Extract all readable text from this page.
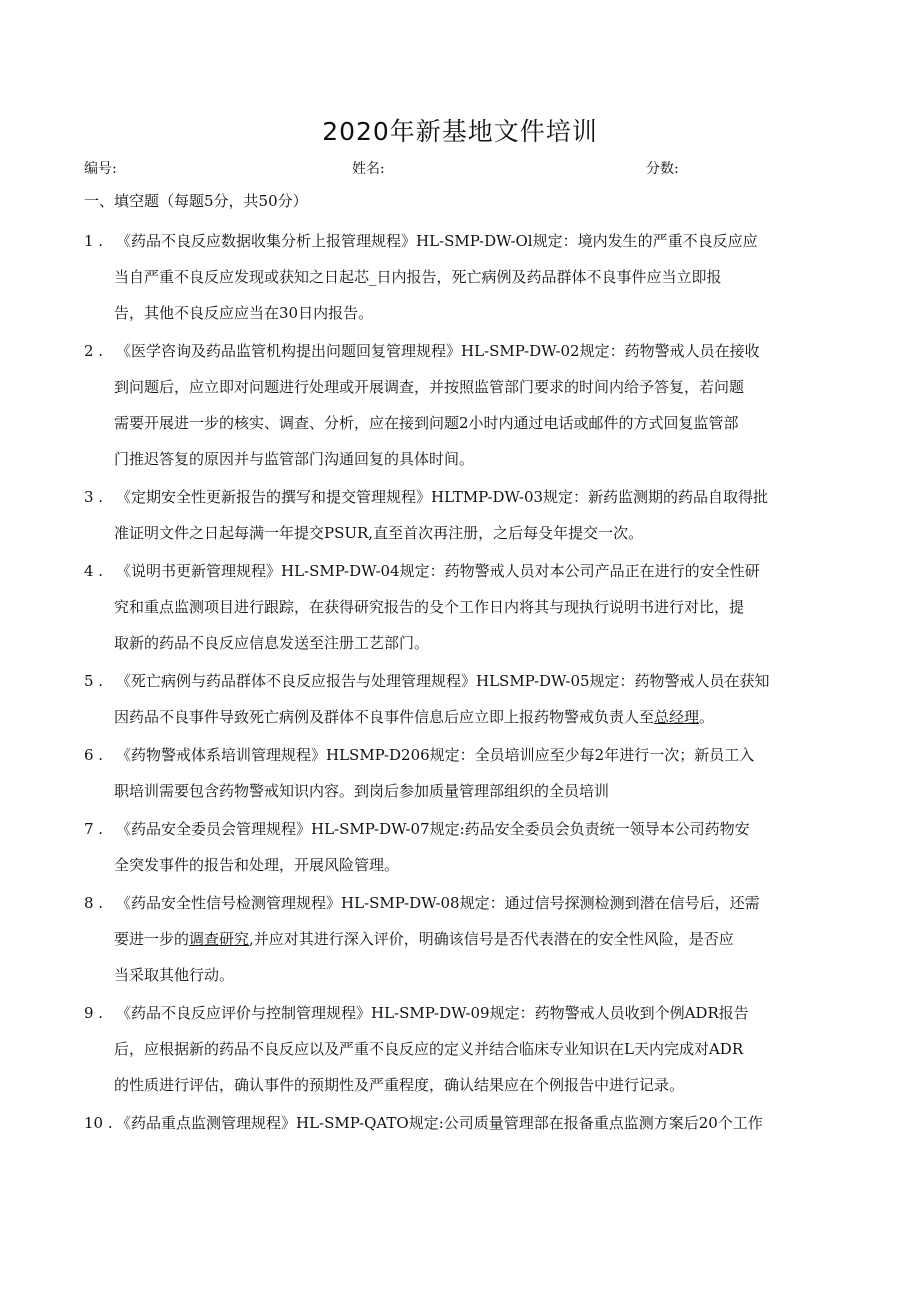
2020年新基地文件培训
编号:	姓名:	分数:
一、填空题（每题5分，共50分）
1 . 《药品不良反应数据收集分析上报管理规程》HL-SMP-DW-Ol规定：境内发生的严重不良反应应
当自严重不良反应发现或获知之日起芯_日内报告，死亡病例及药品群体不良事件应当立即报
告，其他不良反应应当在30日内报告。
2 . 《医学咨询及药品监管机构提出问题回复管理规程》HL-SMP-DW-02规定：药物警戒人员在接收
到问题后，应立即对问题进行处理或开展调查，并按照监管部门要求的时间内给予答复，若问题
需要开展进一步的核实、调查、分析，应在接到问题2小时内通过电话或邮件的方式回复监管部
门推迟答复的原因并与监管部门沟通回复的具体时间。
3 . 《定期安全性更新报告的撰写和提交管理规程》HLTMP-DW-03规定：新药监测期的药品自取得批
准证明文件之日起每满一年提交PSUR,直至首次再注册，之后每殳年提交一次。
4 . 《说明书更新管理规程》HL-SMP-DW-04规定：药物警戒人员对本公司产品正在进行的安全性研
究和重点监测项目进行跟踪，在获得研究报告的殳个工作日内将其与现执行说明书进行对比，提
取新的药品不良反应信息发送至注册工艺部门。
5 . 《死亡病例与药品群体不良反应报告与处理管理规程》HLSMP-DW-05规定：药物警戒人员在获知
因药品不良事件导致死亡病例及群体不良事件信息后应立即上报药物警戒负责人至总经理。
6 . 《药物警戒体系培训管理规程》HLSMP-D206规定：全员培训应至少每2年进行一次；新员工入
职培训需要包含药物警戒知识内容。到岗后参加质量管理部组织的全员培训
7 . 《药品安全委员会管理规程》HL-SMP-DW-07规定:药品安全委员会负责统一领导本公司药物安
全突发事件的报告和处理，开展风险管理。
8 . 《药品安全性信号检测管理规程》HL-SMP-DW-08规定：通过信号探测检测到潜在信号后，还需
要进一步的调查研究,并应对其进行深入评价，明确该信号是否代表潜在的安全性风险，是否应
当采取其他行动。
9 . 《药品不良反应评价与控制管理规程》HL-SMP-DW-09规定：药物警戒人员收到个例ADR报告
后，应根据新的药品不良反应以及严重不良反应的定义并结合临床专业知识在L天内完成对ADR
的性质进行评估，确认事件的预期性及严重程度，确认结果应在个例报告中进行记录。
10 . 《药品重点监测管理规程》HL-SMP-QATO规定:公司质量管理部在报备重点监测方案后20个工作
